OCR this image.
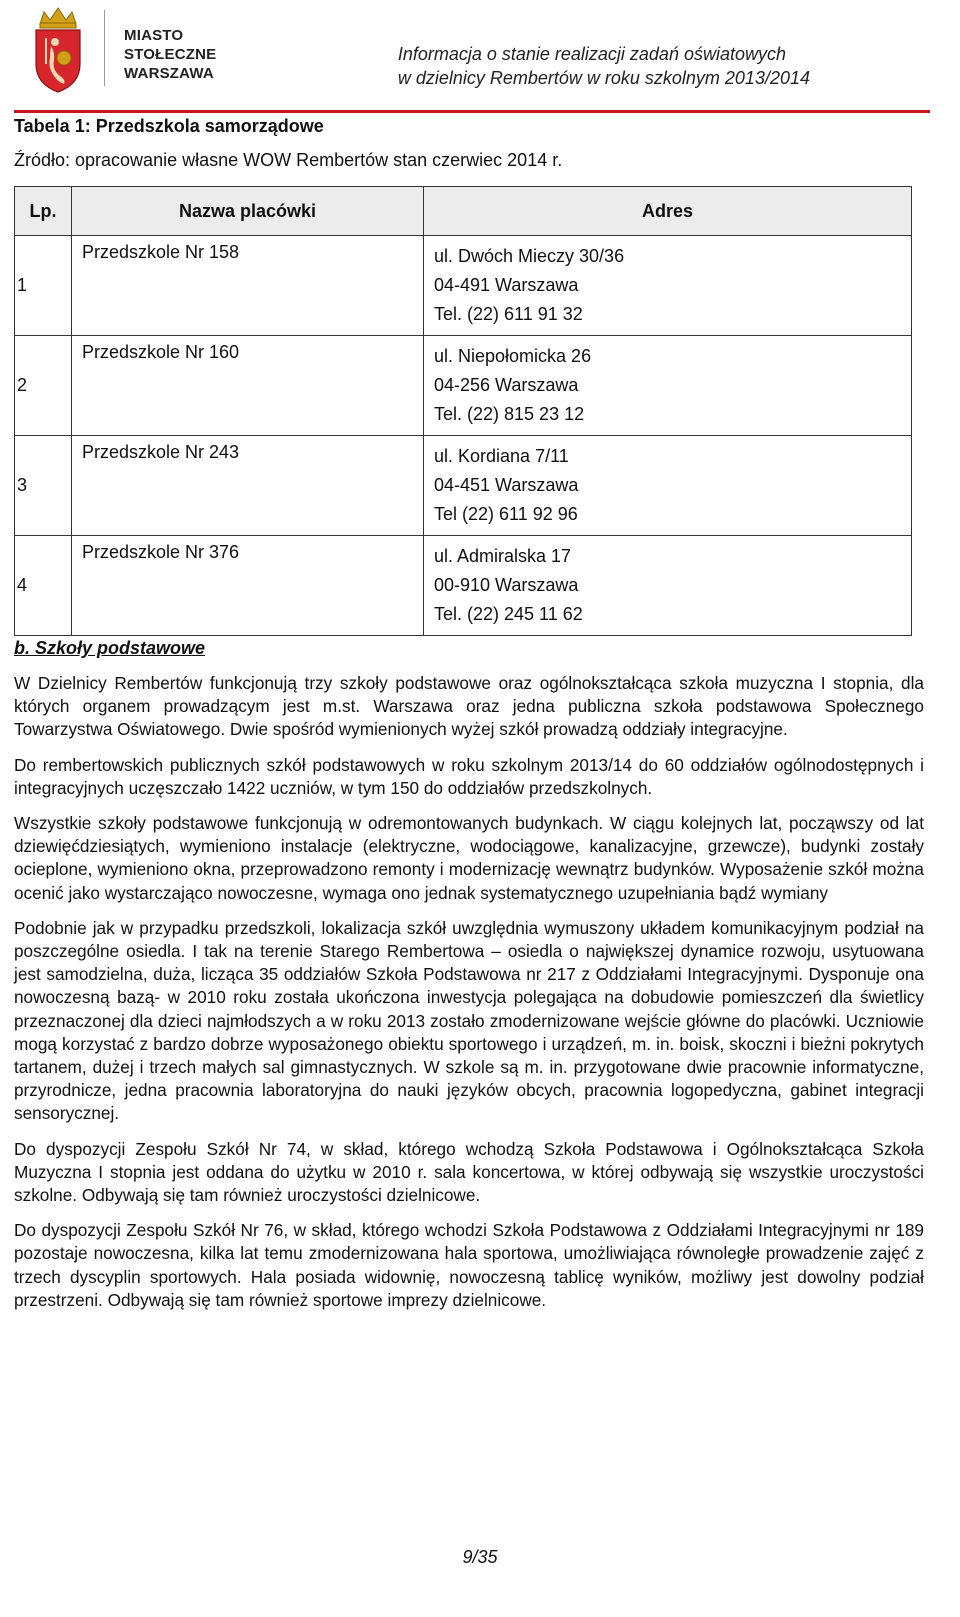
MIASTO
STOŁECZNE
WARSZAWA
Informacja o stanie realizacji zadań oświatowych
w dzielnicy Rembertów w roku szkolnym 2013/2014
Tabela 1: Przedszkola samorządowe
Źródło: opracowanie własne WOW Rembertów stan czerwiec 2014 r.
Lp.	Nazwa placówki	Adres
1	Przedszkole Nr 158	ul. Dwóch Mieczy 30/36
04-491 Warszawa
Tel. (22) 611 91 32

2	Przedszkole Nr 160	ul. Niepołomicka 26
04-256 Warszawa
Tel. (22) 815 23 12

3	Przedszkole Nr 243	ul. Kordiana 7/11
04-451 Warszawa
Tel (22) 611 92 96

4	Przedszkole Nr 376	ul. Admiralska 17
00-910 Warszawa
Tel. (22) 245 11 62
b. Szkoły podstawowe

W Dzielnicy Rembertów funkcjonują trzy szkoły podstawowe oraz ogólnokształcąca szkoła muzyczna I stopnia, dla których organem prowadzącym jest m.st. Warszawa oraz jedna publiczna szkoła podstawowa Społecznego Towarzystwa Oświatowego. Dwie spośród wymienionych wyżej szkół prowadzą oddziały integracyjne.

Do rembertowskich publicznych szkół podstawowych w roku szkolnym 2013/14 do 60 oddziałów ogólnodostępnych i integracyjnych uczęszczało 1422 uczniów, w tym 150 do oddziałów przedszkolnych.

Wszystkie szkoły podstawowe funkcjonują w odremontowanych budynkach. W ciągu kolejnych lat, począwszy od lat dziewięćdziesiątych, wymieniono instalacje (elektryczne, wodociągowe, kanalizacyjne, grzewcze), budynki zostały ocieplone, wymieniono okna, przeprowadzono remonty i modernizację wewnątrz budynków. Wyposażenie szkół można ocenić jako wystarczająco nowoczesne, wymaga ono jednak systematycznego uzupełniania bądź wymiany

Podobnie jak w przypadku przedszkoli, lokalizacja szkół uwzględnia wymuszony układem komunikacyjnym podział na poszczególne osiedla. I tak na terenie Starego Rembertowa – osiedla o największej dynamice rozwoju, usytuowana jest samodzielna, duża, licząca 35 oddziałów Szkoła Podstawowa nr 217 z Oddziałami Integracyjnymi. Dysponuje ona nowoczesną bazą- w 2010 roku została ukończona inwestycja polegająca na dobudowie pomieszczeń dla świetlicy przeznaczonej dla dzieci najmłodszych a w roku 2013 zostało zmodernizowane wejście główne do placówki. Uczniowie mogą korzystać z bardzo dobrze wyposażonego obiektu sportowego i urządzeń, m. in. boisk, skoczni i bieżni pokrytych tartanem, dużej i trzech małych sal gimnastycznych. W szkole są m. in. przygotowane dwie pracownie informatyczne, przyrodnicze, jedna pracownia laboratoryjna do nauki języków obcych, pracownia logopedyczna, gabinet integracji sensorycznej.

Do dyspozycji Zespołu Szkół Nr 74, w skład, którego wchodzą Szkoła Podstawowa i Ogólnokształcąca Szkoła Muzyczna I stopnia jest oddana do użytku w 2010 r. sala koncertowa, w której odbywają się wszystkie uroczystości szkolne. Odbywają się tam również uroczystości dzielnicowe.

Do dyspozycji Zespołu Szkół Nr 76, w skład, którego wchodzi Szkoła Podstawowa z Oddziałami Integracyjnymi nr 189 pozostaje nowoczesna, kilka lat temu zmodernizowana hala sportowa, umożliwiająca równoległe prowadzenie zajęć z trzech dyscyplin sportowych. Hala posiada widownię, nowoczesną tablicę wyników, możliwy jest dowolny podział przestrzeni. Odbywają się tam również sportowe imprezy dzielnicowe.

9/35
